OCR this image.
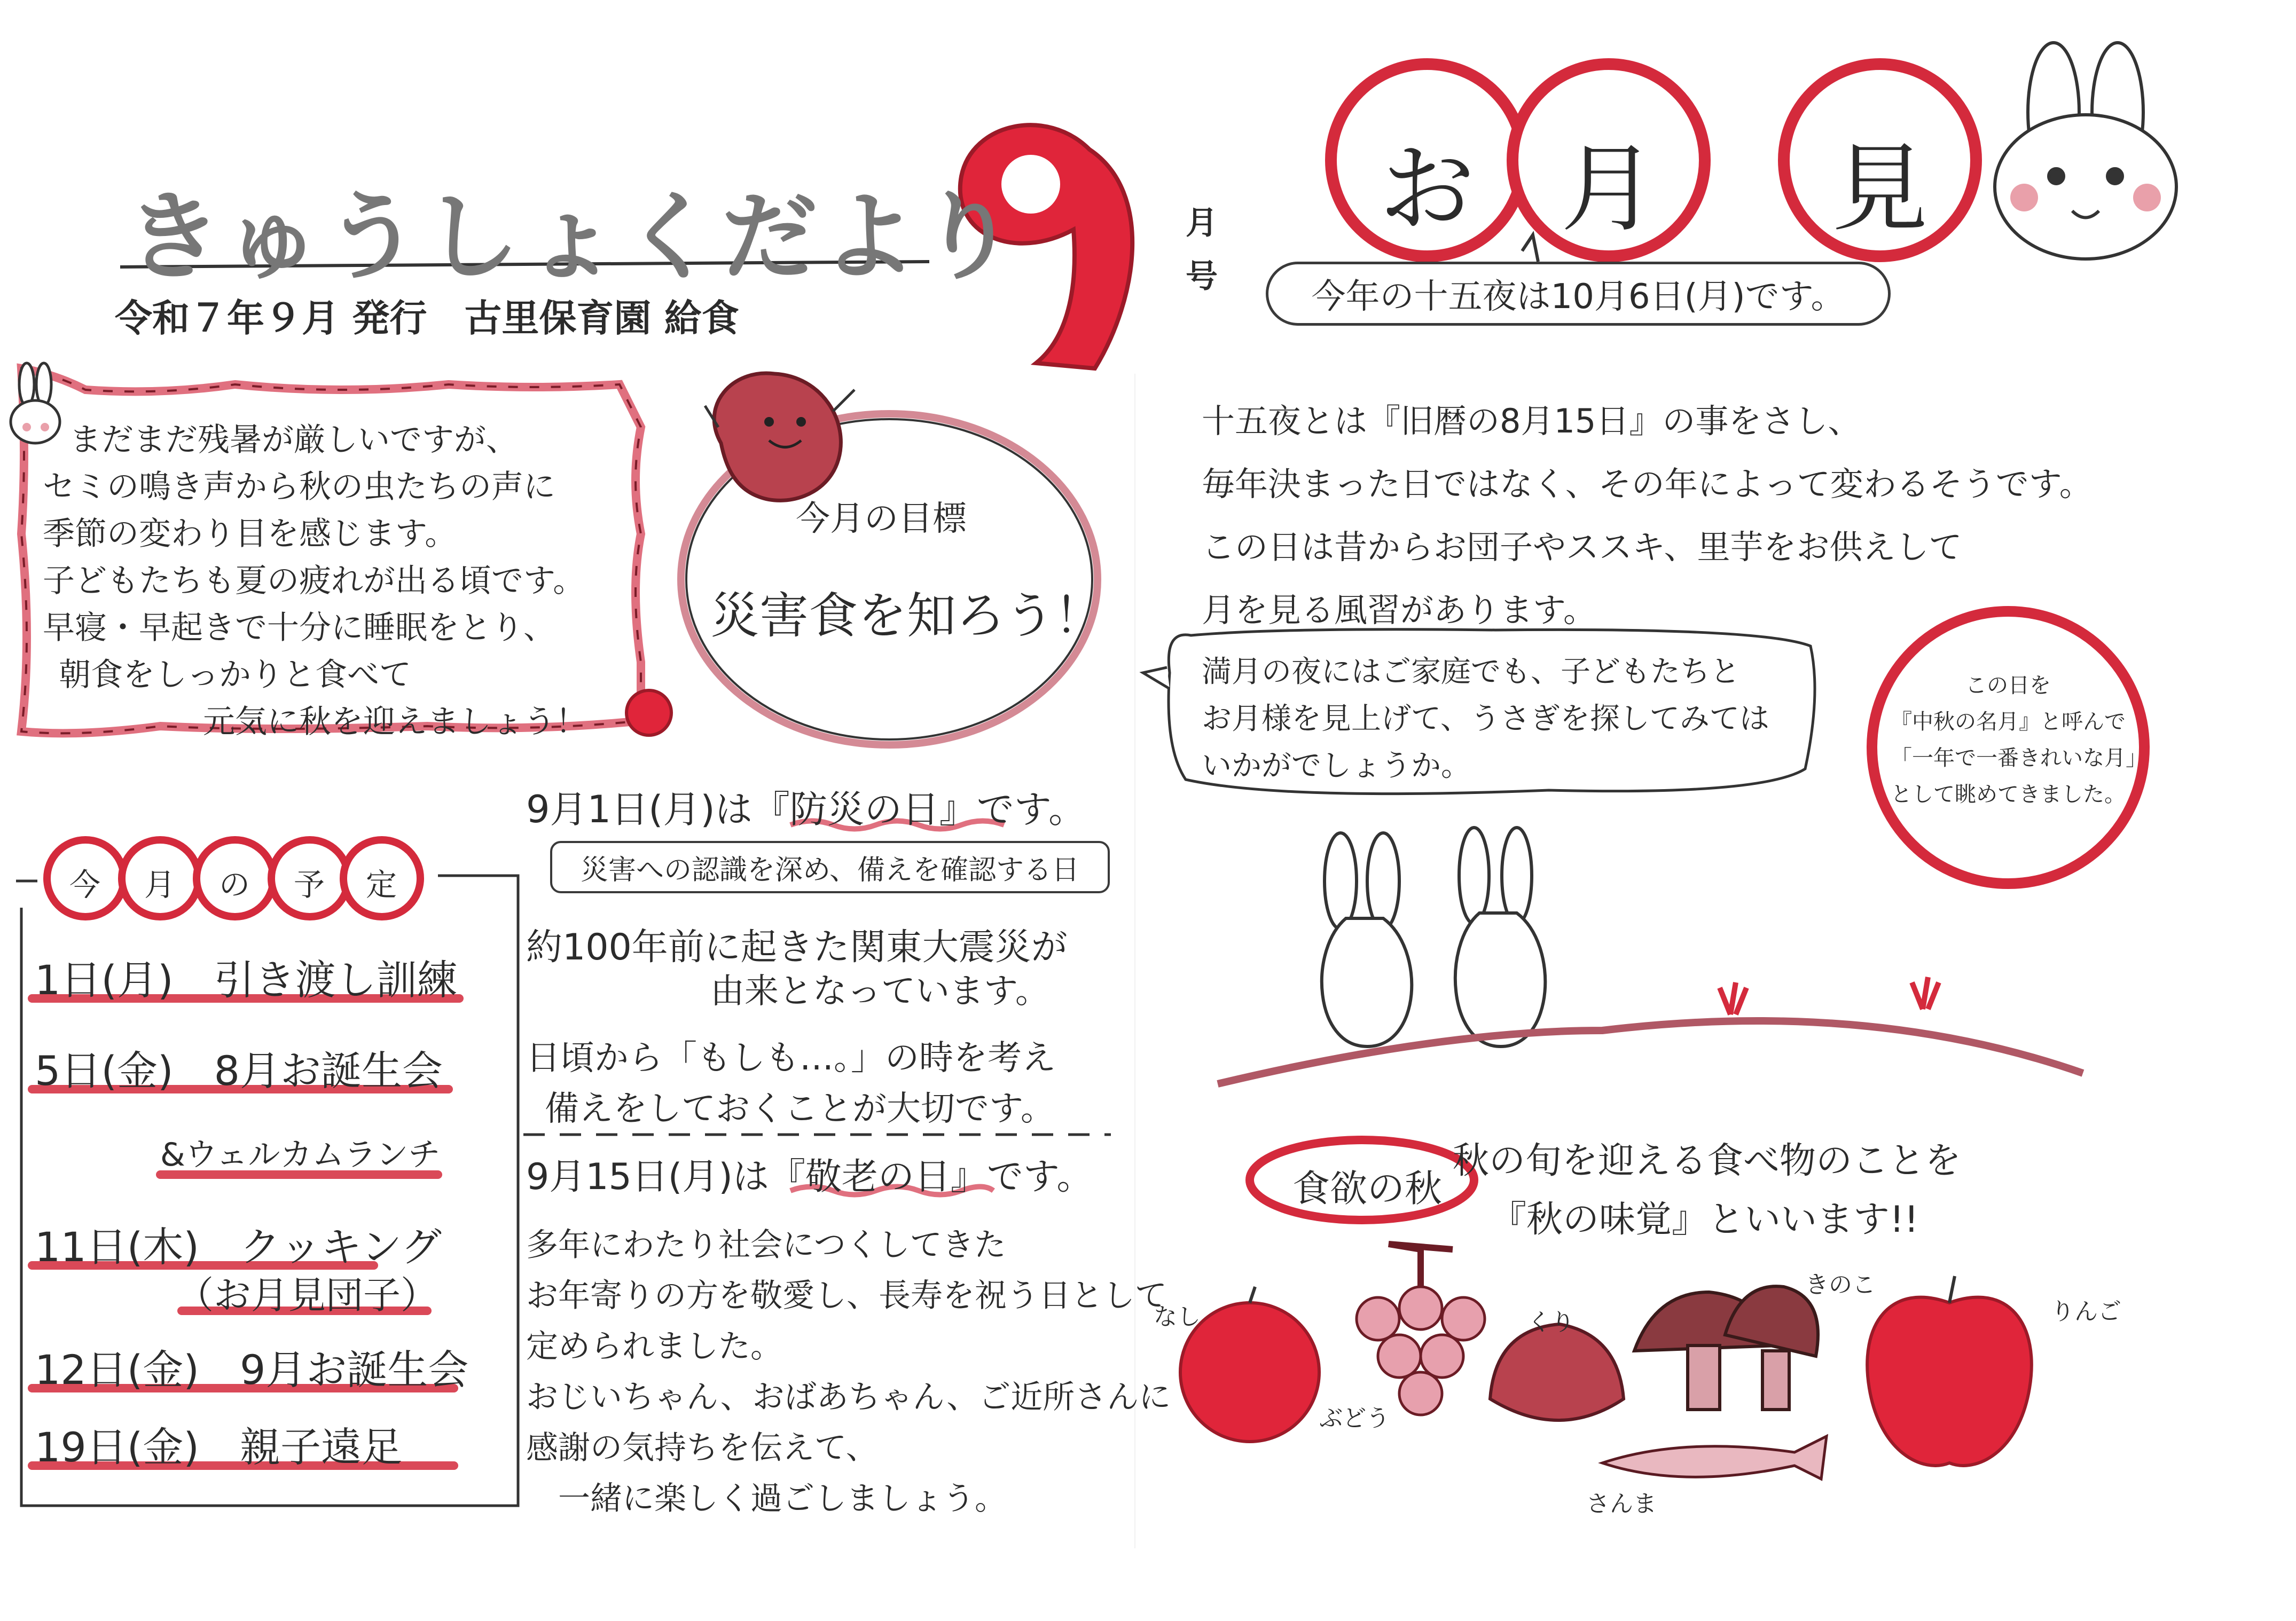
きゅうしょくだより
令和７年９月 発行　古里保育園 給食
月
号
お 月 見
今年の十五夜は10月6日(月)です。
まだまだ残暑が厳しいですが、
セミの鳴き声から秋の虫たちの声に
季節の変わり目を感じます。
子どもたちも夏の疲れが出る頃です。
早寝・早起きで十分に睡眠をとり、
朝食をしっかりと食べて
元気に秋を迎えましょう！
今月の目標
災害食を知ろう！
今 月 の 予 定
1日(月)　引き渡し訓練
5日(金)　8月お誕生会
&ウェルカムランチ
11日(木)　クッキング
（お月見団子）
12日(金)　9月お誕生会
19日(金)　親子遠足
9月1日(月)は『防災の日』です。
災害への認識を深め、備えを確認する日
約100年前に起きた関東大震災が
由来となっています。
日頃から「もしも…。」の時を考え
備えをしておくことが大切です。
9月15日(月)は『敬老の日』です。
多年にわたり社会につくしてきた
お年寄りの方を敬愛し、長寿を祝う日として
定められました。
おじいちゃん、おばあちゃん、ご近所さんに
感謝の気持ちを伝えて、
一緒に楽しく過ごしましょう。
十五夜とは『旧暦の8月15日』の事をさし、
毎年決まった日ではなく、その年によって変わるそうです。
この日は昔からお団子やススキ、里芋をお供えして
月を見る風習があります。
満月の夜にはご家庭でも、子どもたちと
お月様を見上げて、うさぎを探してみては
いかがでしょうか。
この日を
『中秋の名月』と呼んで
「一年で一番きれいな月」
として眺めてきました。
食欲の秋
秋の旬を迎える食べ物のことを
『秋の味覚』といいます!!
なし
ぶどう
くり
きのこ
さんま
りんご
